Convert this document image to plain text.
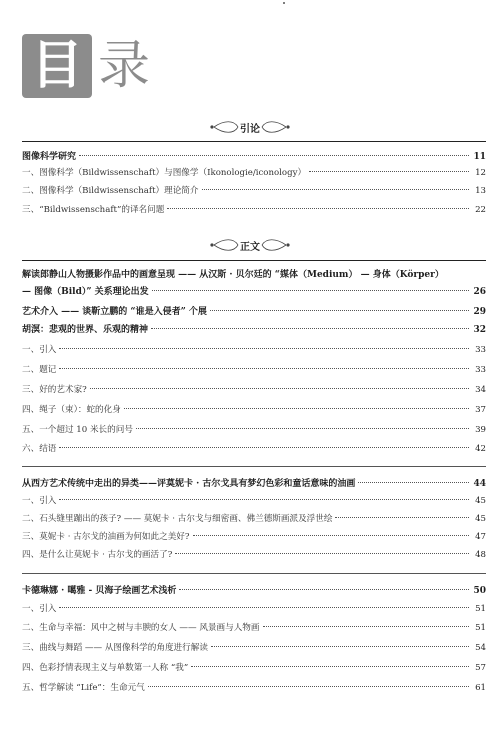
目 录
引论
图像科学研究	11
一、图像科学（Bildwissenschaft）与图像学（Ikonologie/iconology）	12
二、图像科学（Bildwissenschaft）理论简介	13
三、“Bildwissenschaft”的译名问题	22
正文
解读郎静山人物摄影作品中的画意呈现 —— 从汉斯 · 贝尔廷的 “媒体（Medium） — 身体（Körper）
— 图像（Bild）” 关系理论出发	26
艺术介入 —— 谈靳立鹏的 “谁是入侵者” 个展	29
胡溟：悲观的世界、乐观的精神	32
一、引入	33
二、题记	33
三、好的艺术家?	34
四、绳子（束）：蛇的化身	37
五、一个超过 10 米长的问号	39
六、结语	42
从西方艺术传统中走出的异类——评莫妮卡 · 古尔戈具有梦幻色彩和童话意味的油画	44
一、引入	45
二、石头缝里蹦出的孩子? —— 莫妮卡 · 古尔戈与细密画、佛兰德斯画派及浮世绘	45
三、莫妮卡 · 古尔戈的油画为何如此之美好?	47
四、是什么让莫妮卡 · 古尔戈的画活了?	48
卡德琳娜 · 噶雅 - 贝海子绘画艺术浅析	50
一、引入	51
二、生命与幸福：风中之树与丰腴的女人 —— 风景画与人物画	51
三、曲线与舞蹈 —— 从图像科学的角度进行解读	54
四、色彩抒情表现主义与单数第一人称 “我”	57
五、哲学解读 “Life”：生命元气	61
